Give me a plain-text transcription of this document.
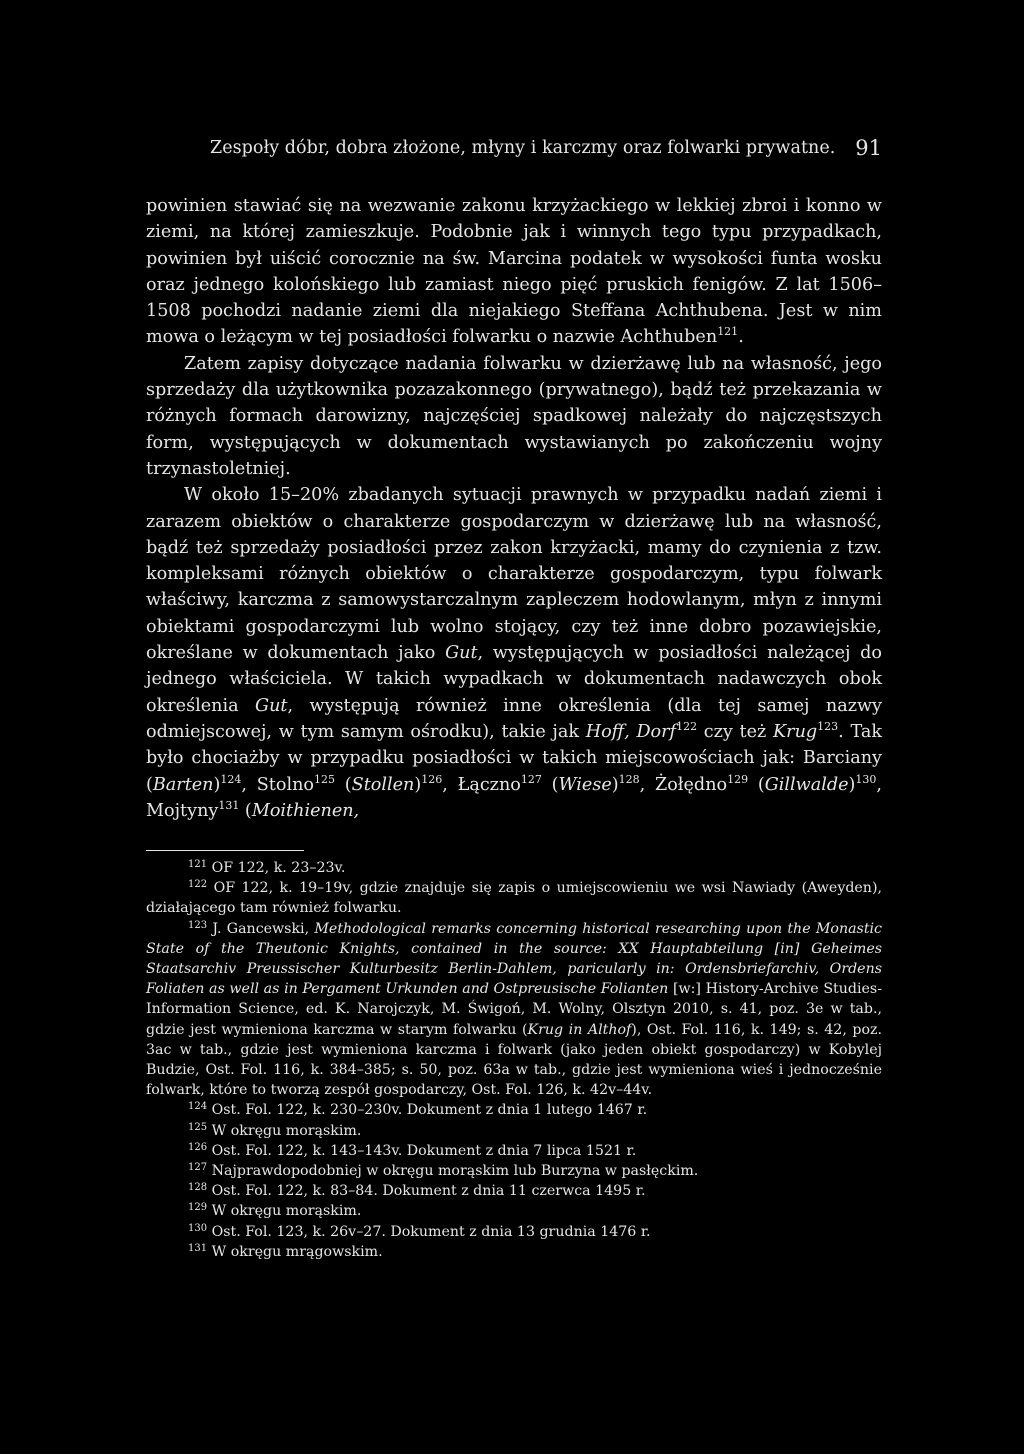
Zespoły dóbr, dobra złożone, młyny i karczmy oraz folwarki prywatne. 91

powinien stawiać się na wezwanie zakonu krzyżackiego w lekkiej zbroi i konno w ziemi, na której zamieszkuje. Podobnie jak i winnych tego typu przypadkach, powinien był uiścić corocznie na św. Marcina podatek w wysokości funta wosku oraz jednego kolońskiego lub zamiast niego pięć pruskich fenigów. Z lat 1506–1508 pochodzi nadanie ziemi dla niejakiego Steffana Achthubena. Jest w nim mowa o leżącym w tej posiadłości folwarku o nazwie Achthuben$^{121}$.

Zatem zapisy dotyczące nadania folwarku w dzierżawę lub na własność, jego sprzedaży dla użytkownika pozazakonnego (prywatnego), bądź też przekazania w różnych formach darowizny, najczęściej spadkowej należały do najczęstszych form, występujących w dokumentach wystawianych po zakończeniu wojny trzynastoletniej.

W około 15–20% zbadanych sytuacji prawnych w przypadku nadań ziemi i zarazem obiektów o charakterze gospodarczym w dzierżawę lub na własność, bądź też sprzedaży posiadłości przez zakon krzyżacki, mamy do czynienia z tzw. kompleksami różnych obiektów o charakterze gospodarczym, typu folwark właściwy, karczma z samowystarczalnym zapleczem hodowlanym, młyn z innymi obiektami gospodarczymi lub wolno stojący, czy też inne dobro pozawiejskie, określane w dokumentach jako Gut, występujących w posiadłości należącej do jednego właściciela. W takich wypadkach w dokumentach nadawczych obok określenia Gut, występują również inne określenia (dla tej samej nazwy odmiejscowej, w tym samym ośrodku), takie jak Hoff, Dorf$^{122}$ czy też Krug$^{123}$. Tak było chociażby w przypadku posiadłości w takich miejscowościach jak: Barciany (Barten)$^{124}$, Stolno$^{125}$ (Stollen)$^{126}$, Łączno$^{127}$ (Wiese)$^{128}$, Żołędno$^{129}$ (Gillwalde)$^{130}$, Mojtyny$^{131}$ (Moithienen,

$^{121}$ OF 122, k. 23–23v.

$^{122}$ OF 122, k. 19–19v, gdzie znajduje się zapis o umiejscowieniu we wsi Nawiady (Aweyden), działającego tam również folwarku.

$^{123}$ J. Gancewski, Methodological remarks concerning historical researching upon the Monastic State of the Theutonic Knights, contained in the source: XX Hauptabteilung [in] Geheimes Staatsarchiv Preussischer Kulturbesitz Berlin-Dahlem, paricularly in: Ordensbriefarchiv, Ordens Foliaten as well as in Pergament Urkunden and Ostpreusische Folianten [w:] History-Archive Studies-Information Science, ed. K. Narojczyk, M. Świgoń, M. Wolny, Olsztyn 2010, s. 41, poz. 3e w tab., gdzie jest wymieniona karczma w starym folwarku (Krug in Althof), Ost. Fol. 116, k. 149; s. 42, poz. 3ac w tab., gdzie jest wymieniona karczma i folwark (jako jeden obiekt gospodarczy) w Kobylej Budzie, Ost. Fol. 116, k. 384–385; s. 50, poz. 63a w tab., gdzie jest wymieniona wieś i jednocześnie folwark, które to tworzą zespół gospodarczy, Ost. Fol. 126, k. 42v–44v.

$^{124}$ Ost. Fol. 122, k. 230–230v. Dokument z dnia 1 lutego 1467 r.

$^{125}$ W okręgu morąskim.

$^{126}$ Ost. Fol. 122, k. 143–143v. Dokument z dnia 7 lipca 1521 r.

$^{127}$ Najprawdopodobniej w okręgu morąskim lub Burzyna w pasłęckim.

$^{128}$ Ost. Fol. 122, k. 83–84. Dokument z dnia 11 czerwca 1495 r.

$^{129}$ W okręgu morąskim.

$^{130}$ Ost. Fol. 123, k. 26v–27. Dokument z dnia 13 grudnia 1476 r.

$^{131}$ W okręgu mrągowskim.
